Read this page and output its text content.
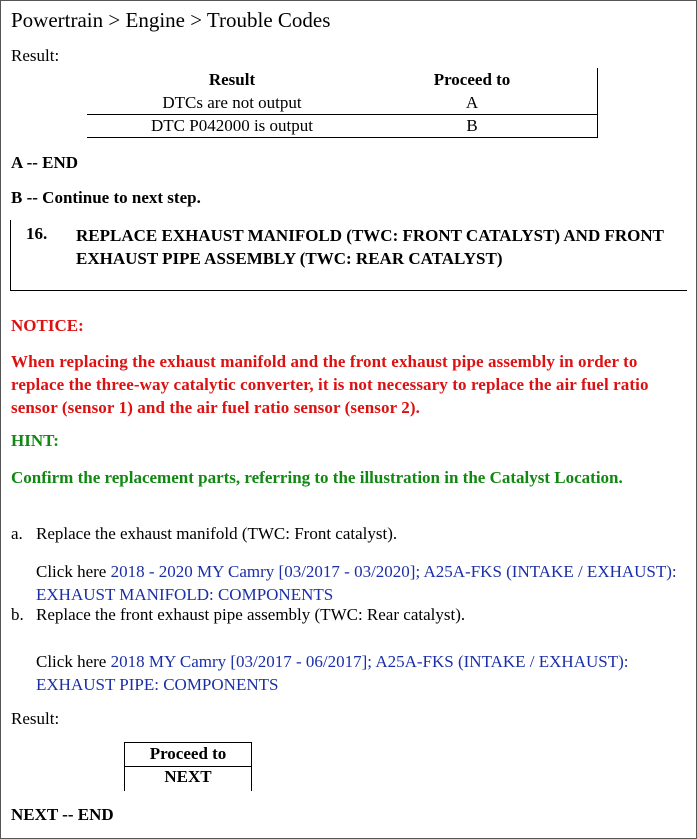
Powertrain > Engine > Trouble Codes
Result:
Result	Proceed to
DTCs are not output	A
DTC P042000 is output	B
A -- END
B -- Continue to next step.
16. REPLACE EXHAUST MANIFOLD (TWC: FRONT CATALYST) AND FRONT EXHAUST PIPE ASSEMBLY (TWC: REAR CATALYST)
NOTICE:
When replacing the exhaust manifold and the front exhaust pipe assembly in order to replace the three-way catalytic converter, it is not necessary to replace the air fuel ratio sensor (sensor 1) and the air fuel ratio sensor (sensor 2).
HINT:
Confirm the replacement parts, referring to the illustration in the Catalyst Location.
a. Replace the exhaust manifold (TWC: Front catalyst).
Click here 2018 - 2020 MY Camry [03/2017 - 03/2020]; A25A-FKS (INTAKE / EXHAUST): EXHAUST MANIFOLD: COMPONENTS
b. Replace the front exhaust pipe assembly (TWC: Rear catalyst).
Click here 2018 MY Camry [03/2017 - 06/2017]; A25A-FKS (INTAKE / EXHAUST): EXHAUST PIPE: COMPONENTS
Result:
Proceed to
NEXT
NEXT -- END
